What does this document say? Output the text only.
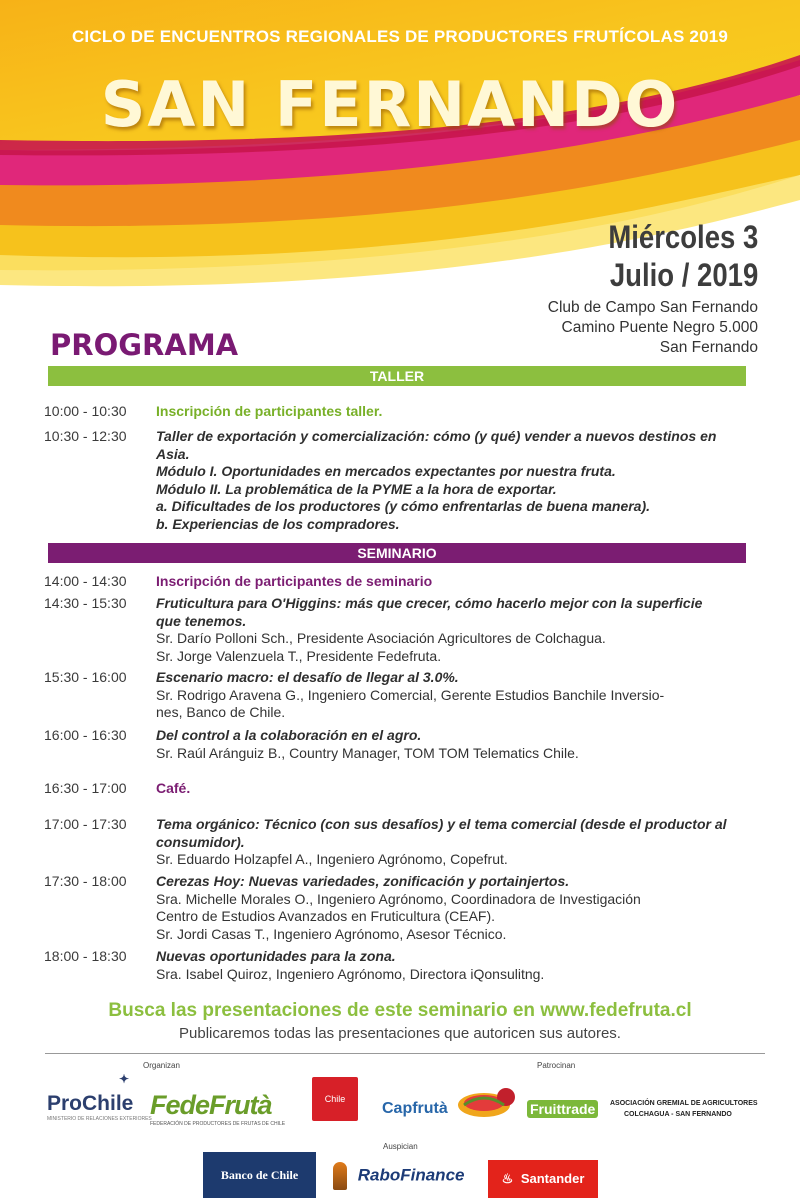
CICLO DE ENCUENTROS REGIONALES DE PRODUCTORES FRUTÍCOLAS 2019
SAN FERNANDO
Miércoles 3
Julio / 2019
Club de Campo San Fernando
Camino Puente Negro 5.000
San Fernando
PROGRAMA
TALLER
SEMINARIO
10:00 - 10:30	Inscripción de participantes taller.
10:30 - 12:30	Taller de exportación y comercialización: cómo (y qué) vender a nuevos destinos en
Asia.
Módulo I. Oportunidades en mercados expectantes por nuestra fruta.
Módulo II. La problemática de la PYME a la hora de exportar.
a. Dificultades de los productores (y cómo enfrentarlas de buena manera).
b. Experiencias de los compradores.
14:00 - 14:30	Inscripción de participantes de seminario
14:30 - 15:30	Fruticultura para O'Higgins: más que crecer, cómo hacerlo mejor con la superficie
que tenemos.
Sr. Darío Polloni Sch., Presidente Asociación Agricultores de Colchagua.
Sr. Jorge Valenzuela T., Presidente Fedefruta.
15:30 - 16:00	Escenario macro: el desafío de llegar al 3.0%.
Sr. Rodrigo Aravena G., Ingeniero Comercial, Gerente Estudios Banchile Inversio-
nes, Banco de Chile.
16:00 - 16:30	Del control a la colaboración en el agro.
Sr. Raúl Aránguiz B., Country Manager, TOM TOM Telematics Chile.
16:30 - 17:00	Café.
17:00 - 17:30	Tema orgánico: Técnico (con sus desafíos) y el tema comercial (desde el productor al
consumidor).
Sr. Eduardo Holzapfel A., Ingeniero Agrónomo, Copefrut.
17:30 - 18:00	Cerezas Hoy: Nuevas variedades, zonificación y portainjertos.
Sra. Michelle Morales O., Ingeniero Agrónomo, Coordinadora de Investigación
Centro de Estudios Avanzados en Fruticultura (CEAF).
Sr. Jordi Casas T., Ingeniero Agrónomo, Asesor Técnico.
18:00 - 18:30	Nuevas oportunidades para la zona.
Sra. Isabel Quiroz, Ingeniero Agrónomo, Directora iQonsulitng.
Busca las presentaciones de este seminario en www.fedefruta.cl
Publicaremos todas las presentaciones que autoricen sus autores.
Organizan	Patrocinan
Auspician
✦
ProChile
MINISTERIO DE RELACIONES EXTERIORES
FedeFrutà
FEDERACIÓN DE PRODUCTORES DE FRUTAS DE CHILE
Chile
Capfrutà	Fruittrade	ASOCIACIÓN GREMIAL DE AGRICULTORES
COLCHAGUA - SAN FERNANDO
Banco de Chile	RaboFinance	♨ Santander
